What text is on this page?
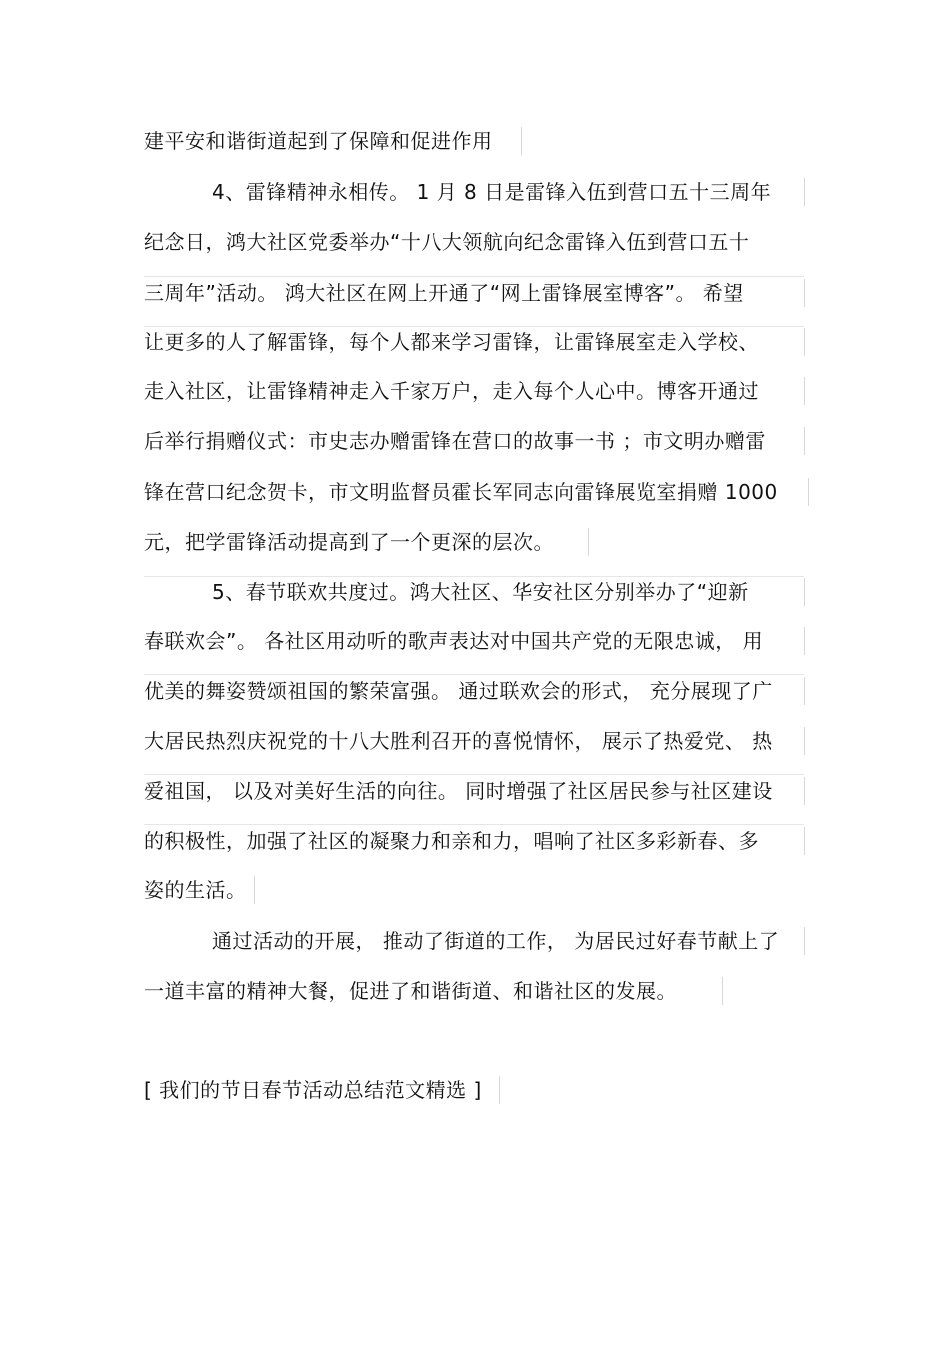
建平安和谐街道起到了保障和促进作用
4、雷锋精神永相传。 1 月 8 日是雷锋入伍到营口五十三周年
纪念日，鸿大社区党委举办“十八大领航向纪念雷锋入伍到营口五十
三周年”活动。 鸿大社区在网上开通了“网上雷锋展室博客”。 希望
让更多的人了解雷锋，每个人都来学习雷锋，让雷锋展室走入学校、
走入社区，让雷锋精神走入千家万户，走入每个人心中。博客开通过
后举行捐赠仪式：市史志办赠雷锋在营口的故事一书 ；市文明办赠雷
锋在营口纪念贺卡，市文明监督员霍长军同志向雷锋展览室捐赠 1000
元，把学雷锋活动提高到了一个更深的层次。
5、春节联欢共度过。鸿大社区、华安社区分别举办了“迎新
春联欢会”。 各社区用动听的歌声表达对中国共产党的无限忠诚， 用
优美的舞姿赞颂祖国的繁荣富强。 通过联欢会的形式， 充分展现了广
大居民热烈庆祝党的十八大胜利召开的喜悦情怀， 展示了热爱党、 热
爱祖国， 以及对美好生活的向往。 同时增强了社区居民参与社区建设
的积极性，加强了社区的凝聚力和亲和力，唱响了社区多彩新春、多
姿的生活。
通过活动的开展， 推动了街道的工作， 为居民过好春节献上了
一道丰富的精神大餐，促进了和谐街道、和谐社区的发展。
[ 我们的节日春节活动总结范文精选 ]
